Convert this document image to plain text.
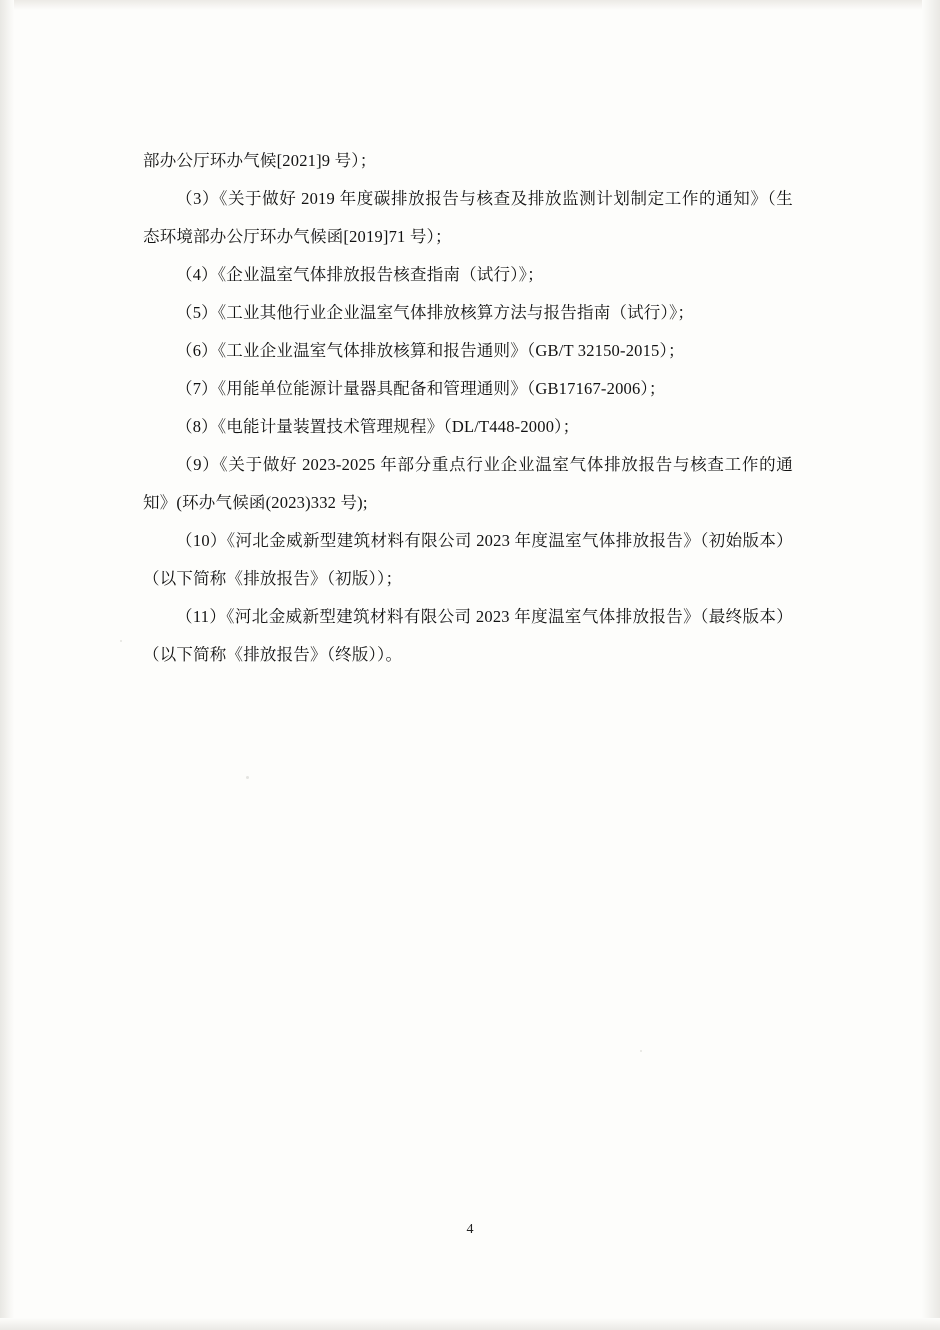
部办公厅环办气候[2021]9 号）；

（3）《关于做好 2019 年度碳排放报告与核查及排放监测计划制定工作的通知》（生态环境部办公厅环办气候函[2019]71 号）；

（4）《企业温室气体排放报告核查指南（试行）》；

（5）《工业其他行业企业温室气体排放核算方法与报告指南（试行）》；

（6）《工业企业温室气体排放核算和报告通则》（GB/T 32150-2015）；

（7）《用能单位能源计量器具配备和管理通则》（GB17167-2006）；

（8）《电能计量装置技术管理规程》（DL/T448-2000）；

（9）《关于做好 2023-2025 年部分重点行业企业温室气体排放报告与核查工作的通知》(环办气候函(2023)332 号);

（10）《河北金威新型建筑材料有限公司 2023 年度温室气体排放报告》（初始版本）（以下简称《排放报告》（初版））；

（11）《河北金威新型建筑材料有限公司 2023 年度温室气体排放报告》（最终版本）（以下简称《排放报告》（终版））。

4
